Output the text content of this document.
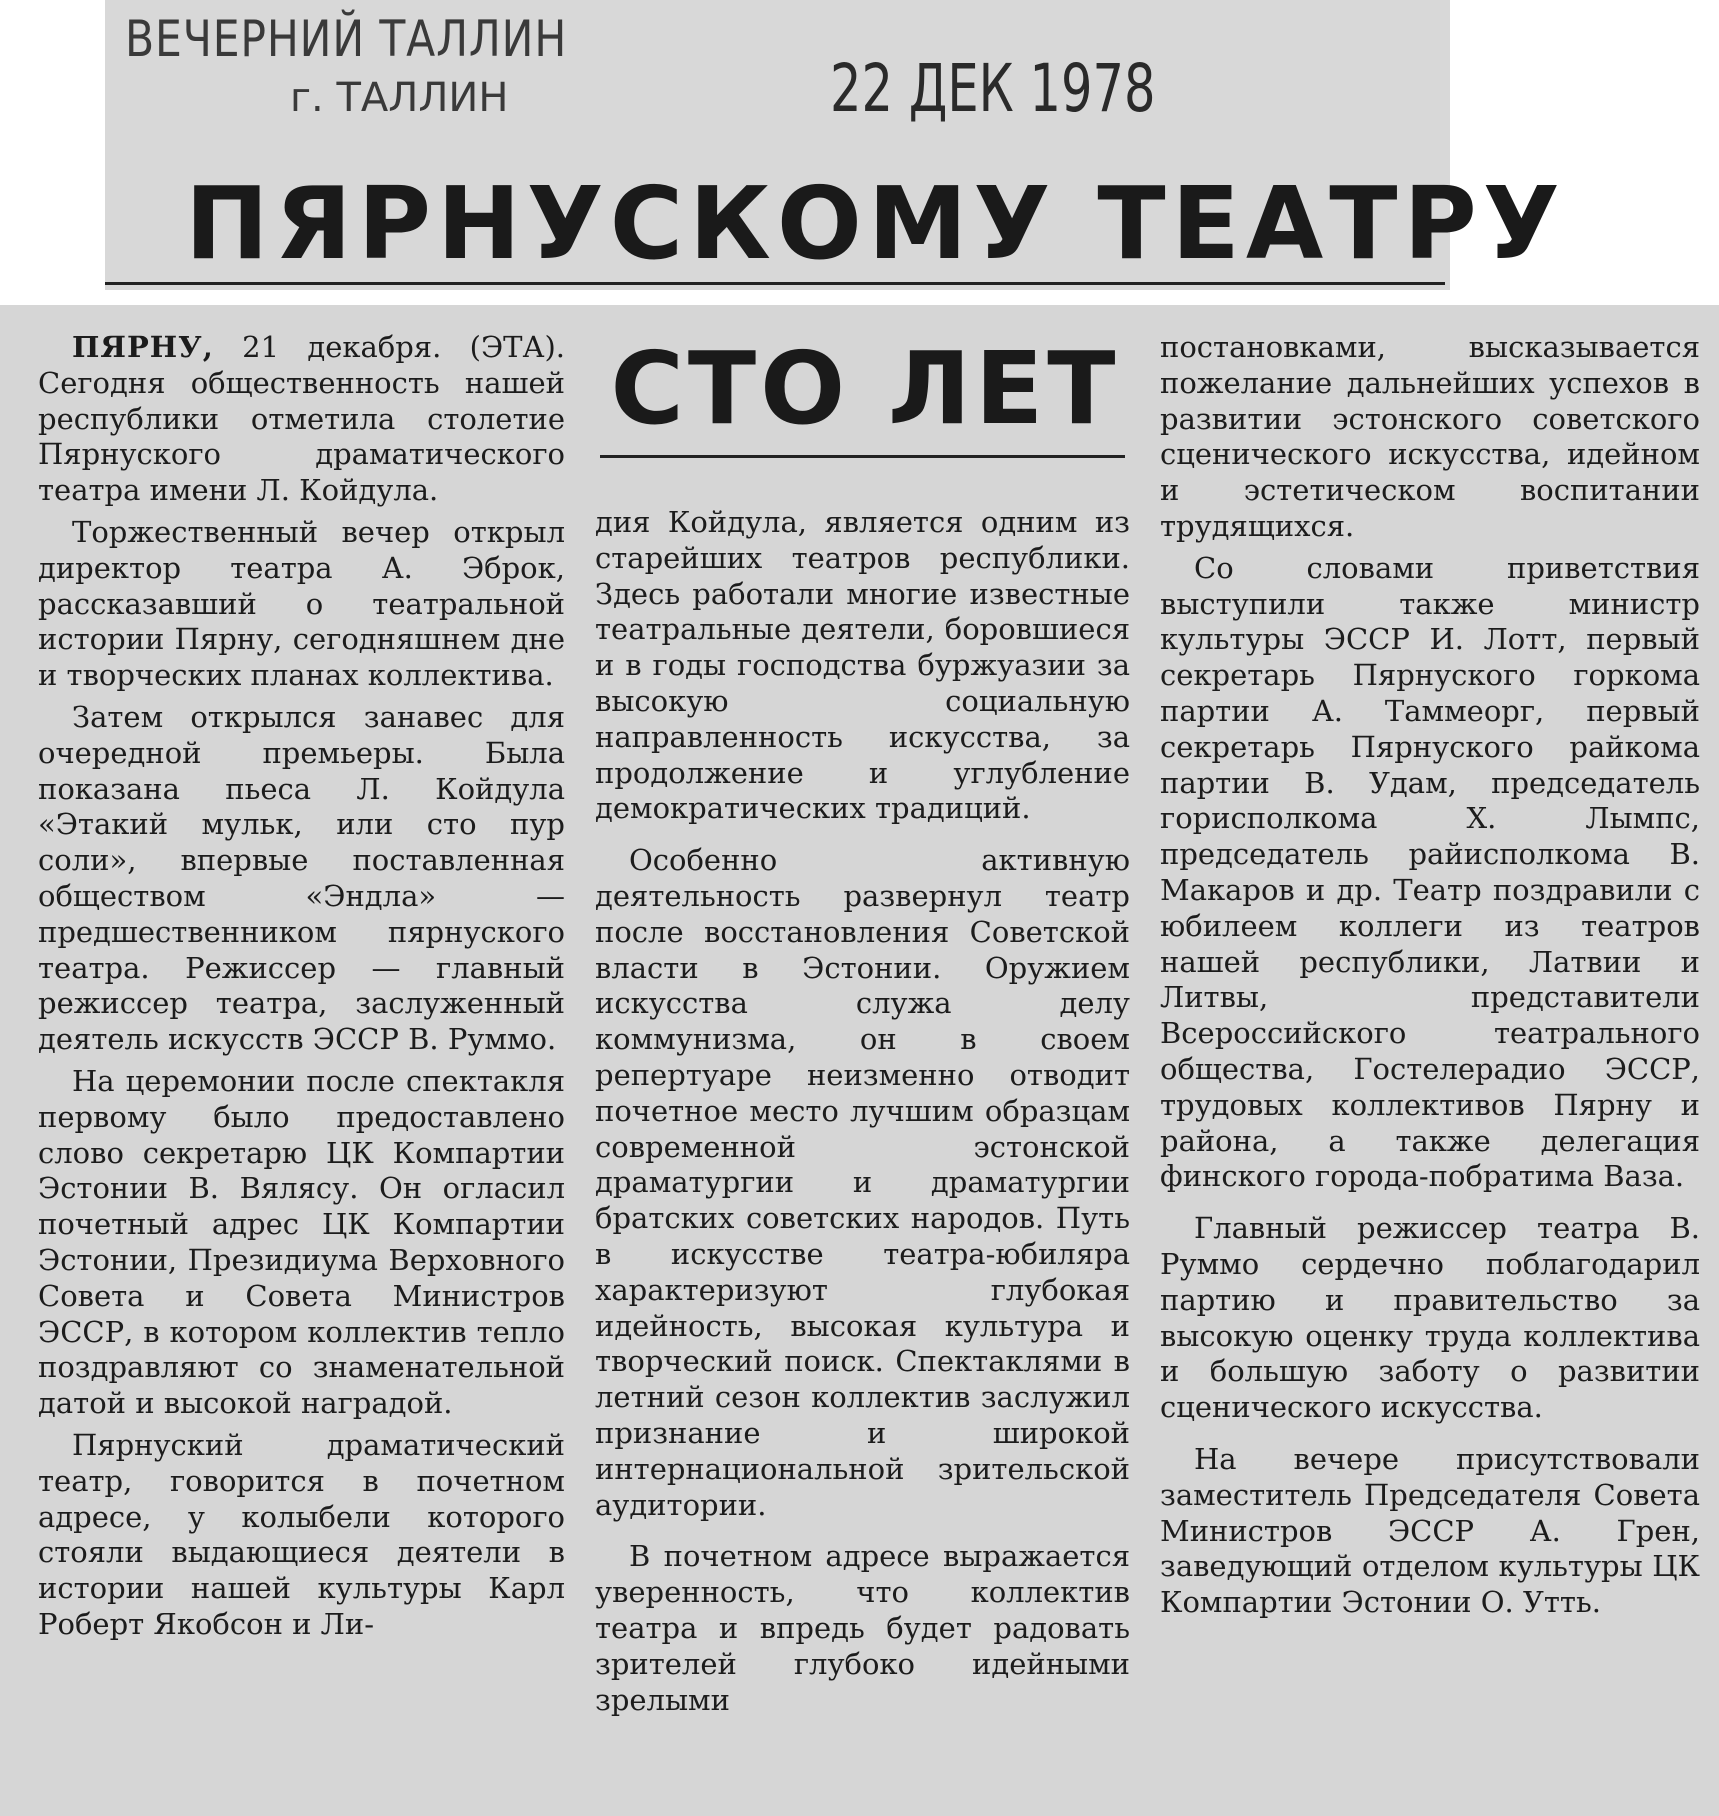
ВЕЧЕРНИЙ ТАЛЛИН
г. ТАЛЛИН	22 ДЕК 1978
ПЯРНУСКОМУ ТЕАТРУ
СТО ЛЕТ

ПЯРНУ, 21 декабря. (ЭТА). Сегодня общественность нашей республики отметила столетие Пярнуского драматического театра имени Л. Койдула.

Торжественный вечер открыл директор театра А. Эброк, рассказавший о театральной истории Пярну, сегодняшнем дне и творческих планах коллектива.

Затем открылся занавес для очередной премьеры. Была показана пьеса Л. Койдула «Этакий мульк, или сто пур соли», впервые поставленная обществом «Эндла» — предшественником пярнуского театра. Режиссер — главный режиссер театра, заслуженный деятель искусств ЭССР В. Руммо.

На церемонии после спектакля первому было предоставлено слово секретарю ЦК Компартии Эстонии В. Вялясу. Он огласил почетный адрес ЦК Компартии Эстонии, Президиума Верховного Совета и Совета Министров ЭССР, в котором коллектив тепло поздравляют со знаменательной датой и высокой наградой.

Пярнуский драматический театр, говорится в почетном адресе, у колыбели которого стояли выдающиеся деятели в истории нашей культуры Карл Роберт Якобсон и Ли-

дия Койдула, является одним из старейших театров республики. Здесь работали многие известные театральные деятели, боровшиеся и в годы господства буржуазии за высокую социальную направленность искусства, за продолжение и углубление демократических традиций.

Особенно активную деятельность развернул театр после восстановления Советской власти в Эстонии. Оружием искусства служа делу коммунизма, он в своем репертуаре неизменно отводит почетное место лучшим образцам современной эстонской драматургии и драматургии братских советских народов. Путь в искусстве театра-юбиляра характеризуют глубокая идейность, высокая культура и творческий поиск. Спектаклями в летний сезон коллектив заслужил признание и широкой интернациональной зрительской аудитории.

В почетном адресе выражается уверенность, что коллектив театра и впредь будет радовать зрителей глубоко идейными зрелыми

постановками, высказывается пожелание дальнейших успехов в развитии эстонского советского сценического искусства, идейном и эстетическом воспитании трудящихся.

Со словами приветствия выступили также министр культуры ЭССР И. Лотт, первый секретарь Пярнуского горкома партии А. Таммеорг, первый секретарь Пярнуского райкома партии В. Удам, председатель горисполкома Х. Лымпс, председатель райисполкома В. Макаров и др. Театр поздравили с юбилеем коллеги из театров нашей республики, Латвии и Литвы, представители Всероссийского театрального общества, Гостелерадио ЭССР, трудовых коллективов Пярну и района, а также делегация финского города-побратима Ваза.

Главный режиссер театра В. Руммо сердечно поблагодарил партию и правительство за высокую оценку труда коллектива и большую заботу о развитии сценического искусства.

На вечере присутствовали заместитель Председателя Совета Министров ЭССР А. Грен, заведующий отделом культуры ЦК Компартии Эстонии О. Утть.
